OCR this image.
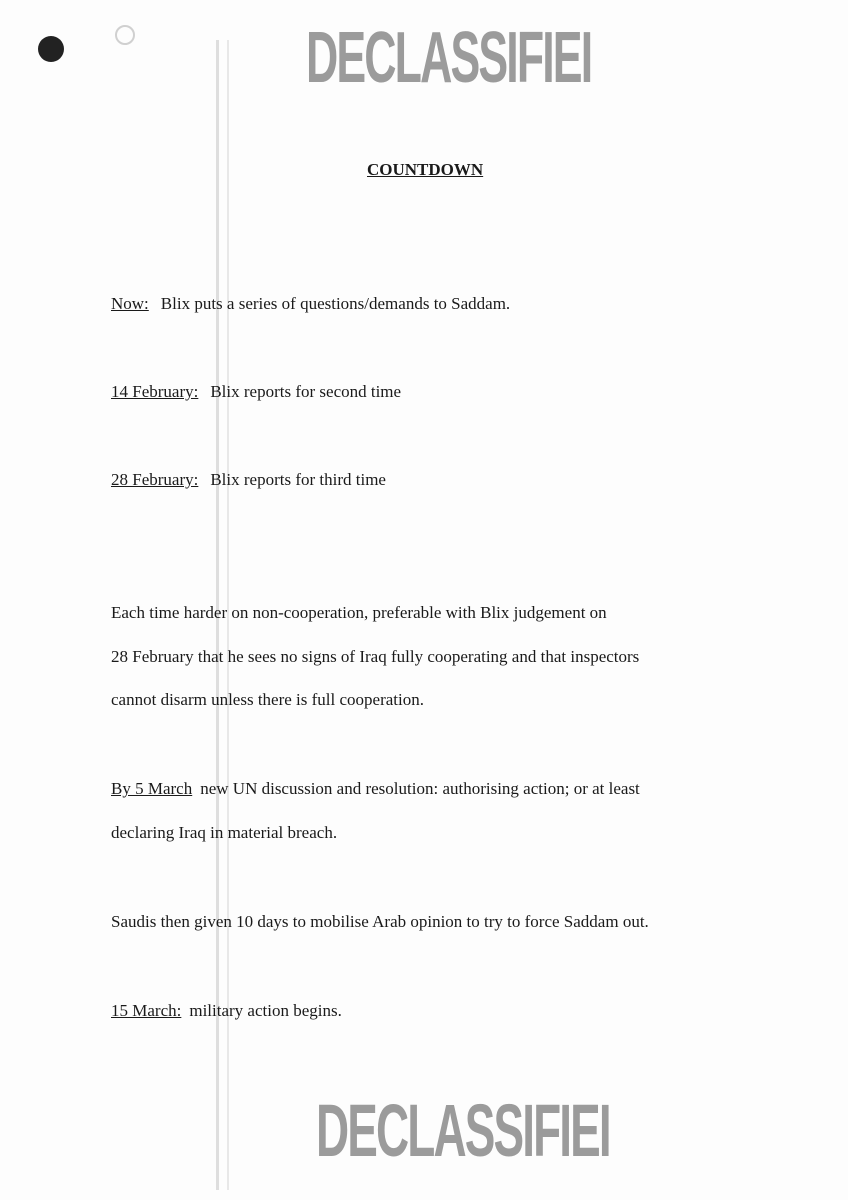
DECLASSIFIEI
COUNTDOWN
Now: Blix puts a series of questions/demands to Saddam.
14 February: Blix reports for second time
28 February: Blix reports for third time
Each time harder on non-cooperation, preferable with Blix judgement on
28 February that he sees no signs of Iraq fully cooperating and that inspectors
cannot disarm unless there is full cooperation.
By 5 March new UN discussion and resolution: authorising action; or at least
declaring Iraq in material breach.
Saudis then given 10 days to mobilise Arab opinion to try to force Saddam out.
15 March: military action begins.
DECLASSIFIEI
